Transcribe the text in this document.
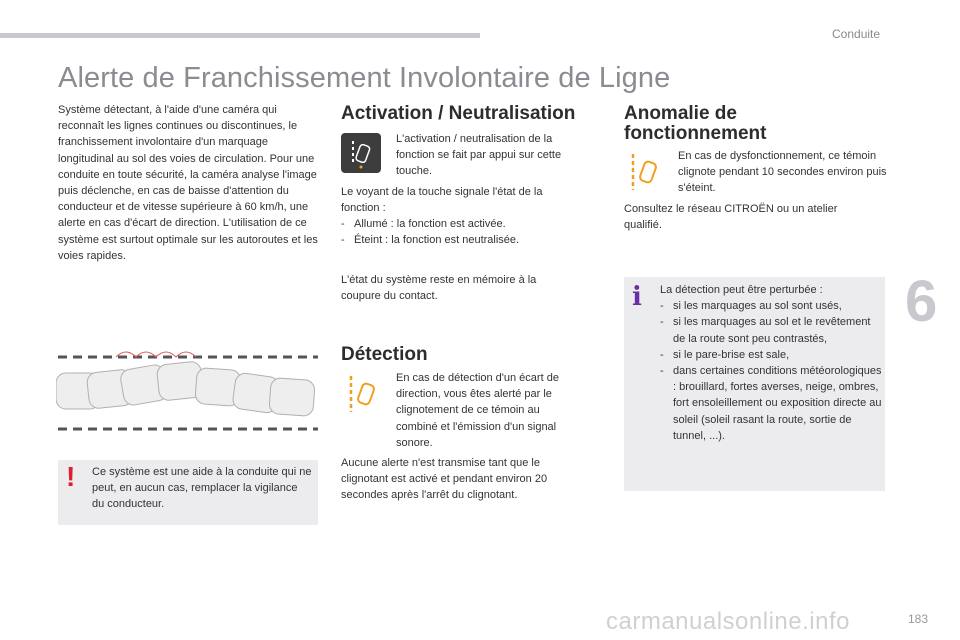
Conduite
Alerte de Franchissement Involontaire de Ligne

Système détectant, à l'aide d'une caméra qui reconnaît les lignes continues ou discontinues, le franchissement involontaire d'un marquage longitudinal au sol des voies de circulation. Pour une conduite en toute sécurité, la caméra analyse l'image puis déclenche, en cas de baisse d'attention du conducteur et de vitesse supérieure à 60 km/h, une alerte en cas d'écart de direction. L'utilisation de ce système est surtout optimale sur les autoroutes et les voies rapides.

!	Ce système est une aide à la conduite qui ne peut, en aucun cas, remplacer la vigilance du conducteur.

Activation / Neutralisation

L'activation / neutralisation de la fonction se fait par appui sur cette touche.

Le voyant de la touche signale l'état de la fonction :

- Allumé : la fonction est activée.
- Éteint : la fonction est neutralisée.

L'état du système reste en mémoire à la coupure du contact.

Détection

En cas de détection d'un écart de direction, vous êtes alerté par le clignotement de ce témoin au combiné et l'émission d'un signal sonore.

Aucune alerte n'est transmise tant que le clignotant est activé et pendant environ 20 secondes après l'arrêt du clignotant.

Anomalie de
fonctionnement

En cas de dysfonctionnement, ce témoin clignote pendant 10 secondes environ puis s'éteint.

Consultez le réseau CITROËN ou un atelier qualifié.

i La détection peut être perturbée :

- si les marquages au sol sont usés,
- si les marquages au sol et le revêtement de la route sont peu contrastés,
- si le pare-brise est sale,
- dans certaines conditions météorologiques : brouillard, fortes averses, neige, ombres, fort ensoleillement ou exposition directe au soleil (soleil rasant la route, sortie de tunnel, ...).
6
carmanualsonline.info	183
